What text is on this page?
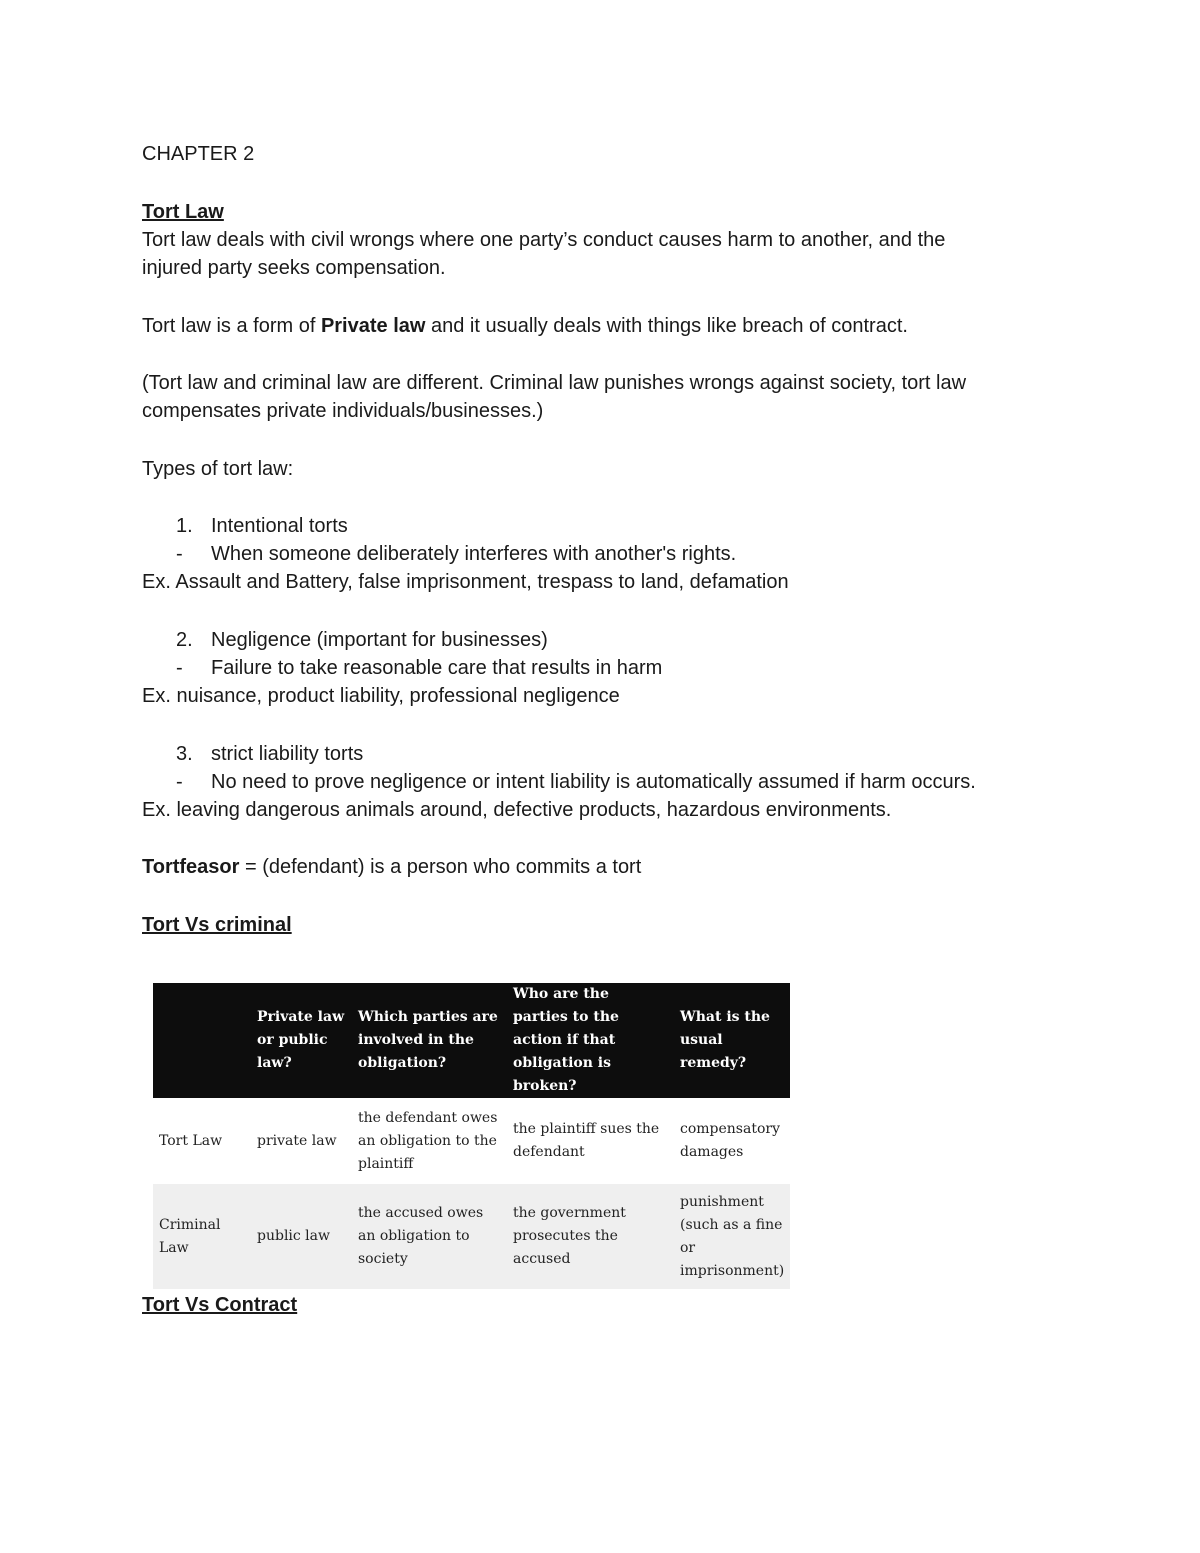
CHAPTER 2
Tort Law
Tort law deals with civil wrongs where one party’s conduct causes harm to another, and the
injured party seeks compensation.
Tort law is a form of Private law and it usually deals with things like breach of contract.
(Tort law and criminal law are different. Criminal law punishes wrongs against society, tort law
compensates private individuals/businesses.)
Types of tort law:
1. Intentional torts
- When someone deliberately interferes with another's rights.
Ex. Assault and Battery, false imprisonment, trespass to land, defamation
2. Negligence (important for businesses)
- Failure to take reasonable care that results in harm
Ex. nuisance, product liability, professional negligence
3. strict liability torts
- No need to prove negligence or intent liability is automatically assumed if harm occurs.
Ex. leaving dangerous animals around, defective products, hazardous environments.
Tortfeasor = (defendant) is a person who commits a tort
Tort Vs criminal
Tort Vs Contract
	Private law or public law?	Which parties are involved in the obligation?	Who are the parties to the action if that obligation is broken?	What is the usual remedy?
Tort Law	private law	the defendant owes an obligation to the plaintiff	the plaintiff sues the defendant	compensatory damages
Criminal Law	public law	the accused owes an obligation to society	the government prosecutes the accused	punishment (such as a fine or imprisonment)
